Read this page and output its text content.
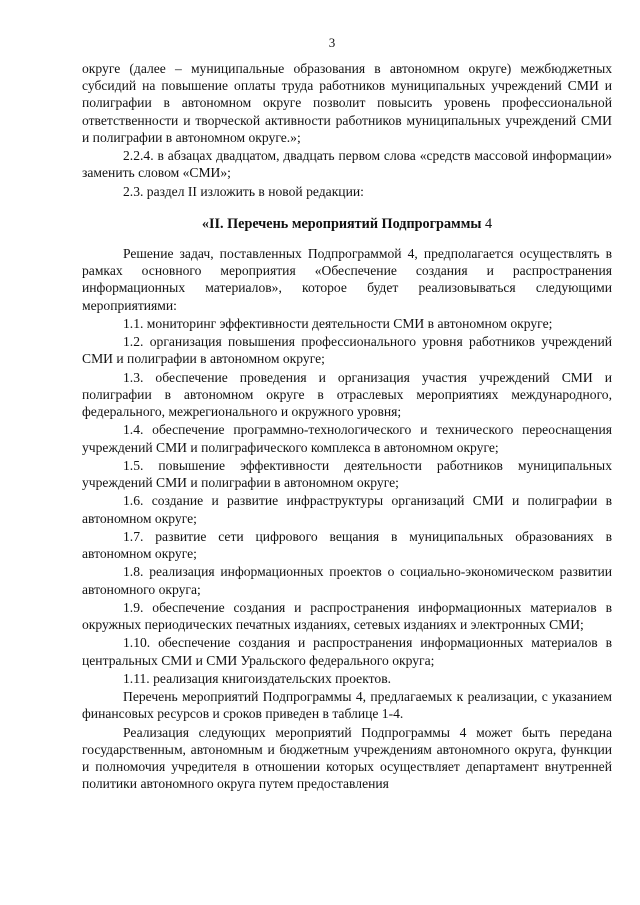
3

округе (далее – муниципальные образования в автономном округе) межбюджетных субсидий на повышение оплаты труда работников муниципальных учреждений СМИ и полиграфии в автономном округе позволит повысить уровень профессиональной ответственности и творческой активности работников муниципальных учреждений СМИ и полиграфии в автономном округе.»;

2.2.4. в абзацах двадцатом, двадцать первом слова «средств массовой информации» заменить словом «СМИ»;

2.3. раздел II изложить в новой редакции:

«II. Перечень мероприятий Подпрограммы 4

Решение задач, поставленных Подпрограммой 4, предполагается осуществлять в рамках основного мероприятия «Обеспечение создания и распространения информационных материалов», которое будет реализовываться следующими мероприятиями:

1.1. мониторинг эффективности деятельности СМИ в автономном округе;

1.2. организация повышения профессионального уровня работников учреждений СМИ и полиграфии в автономном округе;

1.3. обеспечение проведения и организация участия учреждений СМИ и полиграфии в автономном округе в отраслевых мероприятиях международного, федерального, межрегионального и окружного уровня;

1.4. обеспечение программно-технологического и технического переоснащения учреждений СМИ и полиграфического комплекса в автономном округе;

1.5. повышение эффективности деятельности работников муниципальных учреждений СМИ и полиграфии в автономном округе;

1.6. создание и развитие инфраструктуры организаций СМИ и полиграфии в автономном округе;

1.7. развитие сети цифрового вещания в муниципальных образованиях в автономном округе;

1.8. реализация информационных проектов о социально-экономическом развитии автономного округа;

1.9. обеспечение создания и распространения информационных материалов в окружных периодических печатных изданиях, сетевых изданиях и электронных СМИ;

1.10. обеспечение создания и распространения информационных материалов в центральных СМИ и СМИ Уральского федерального округа;

1.11. реализация книгоиздательских проектов.

Перечень мероприятий Подпрограммы 4, предлагаемых к реализации, с указанием финансовых ресурсов и сроков приведен в таблице 1-4.

Реализация следующих мероприятий Подпрограммы 4 может быть передана государственным, автономным и бюджетным учреждениям автономного округа, функции и полномочия учредителя в отношении которых осуществляет департамент внутренней политики автономного округа путем предоставления
